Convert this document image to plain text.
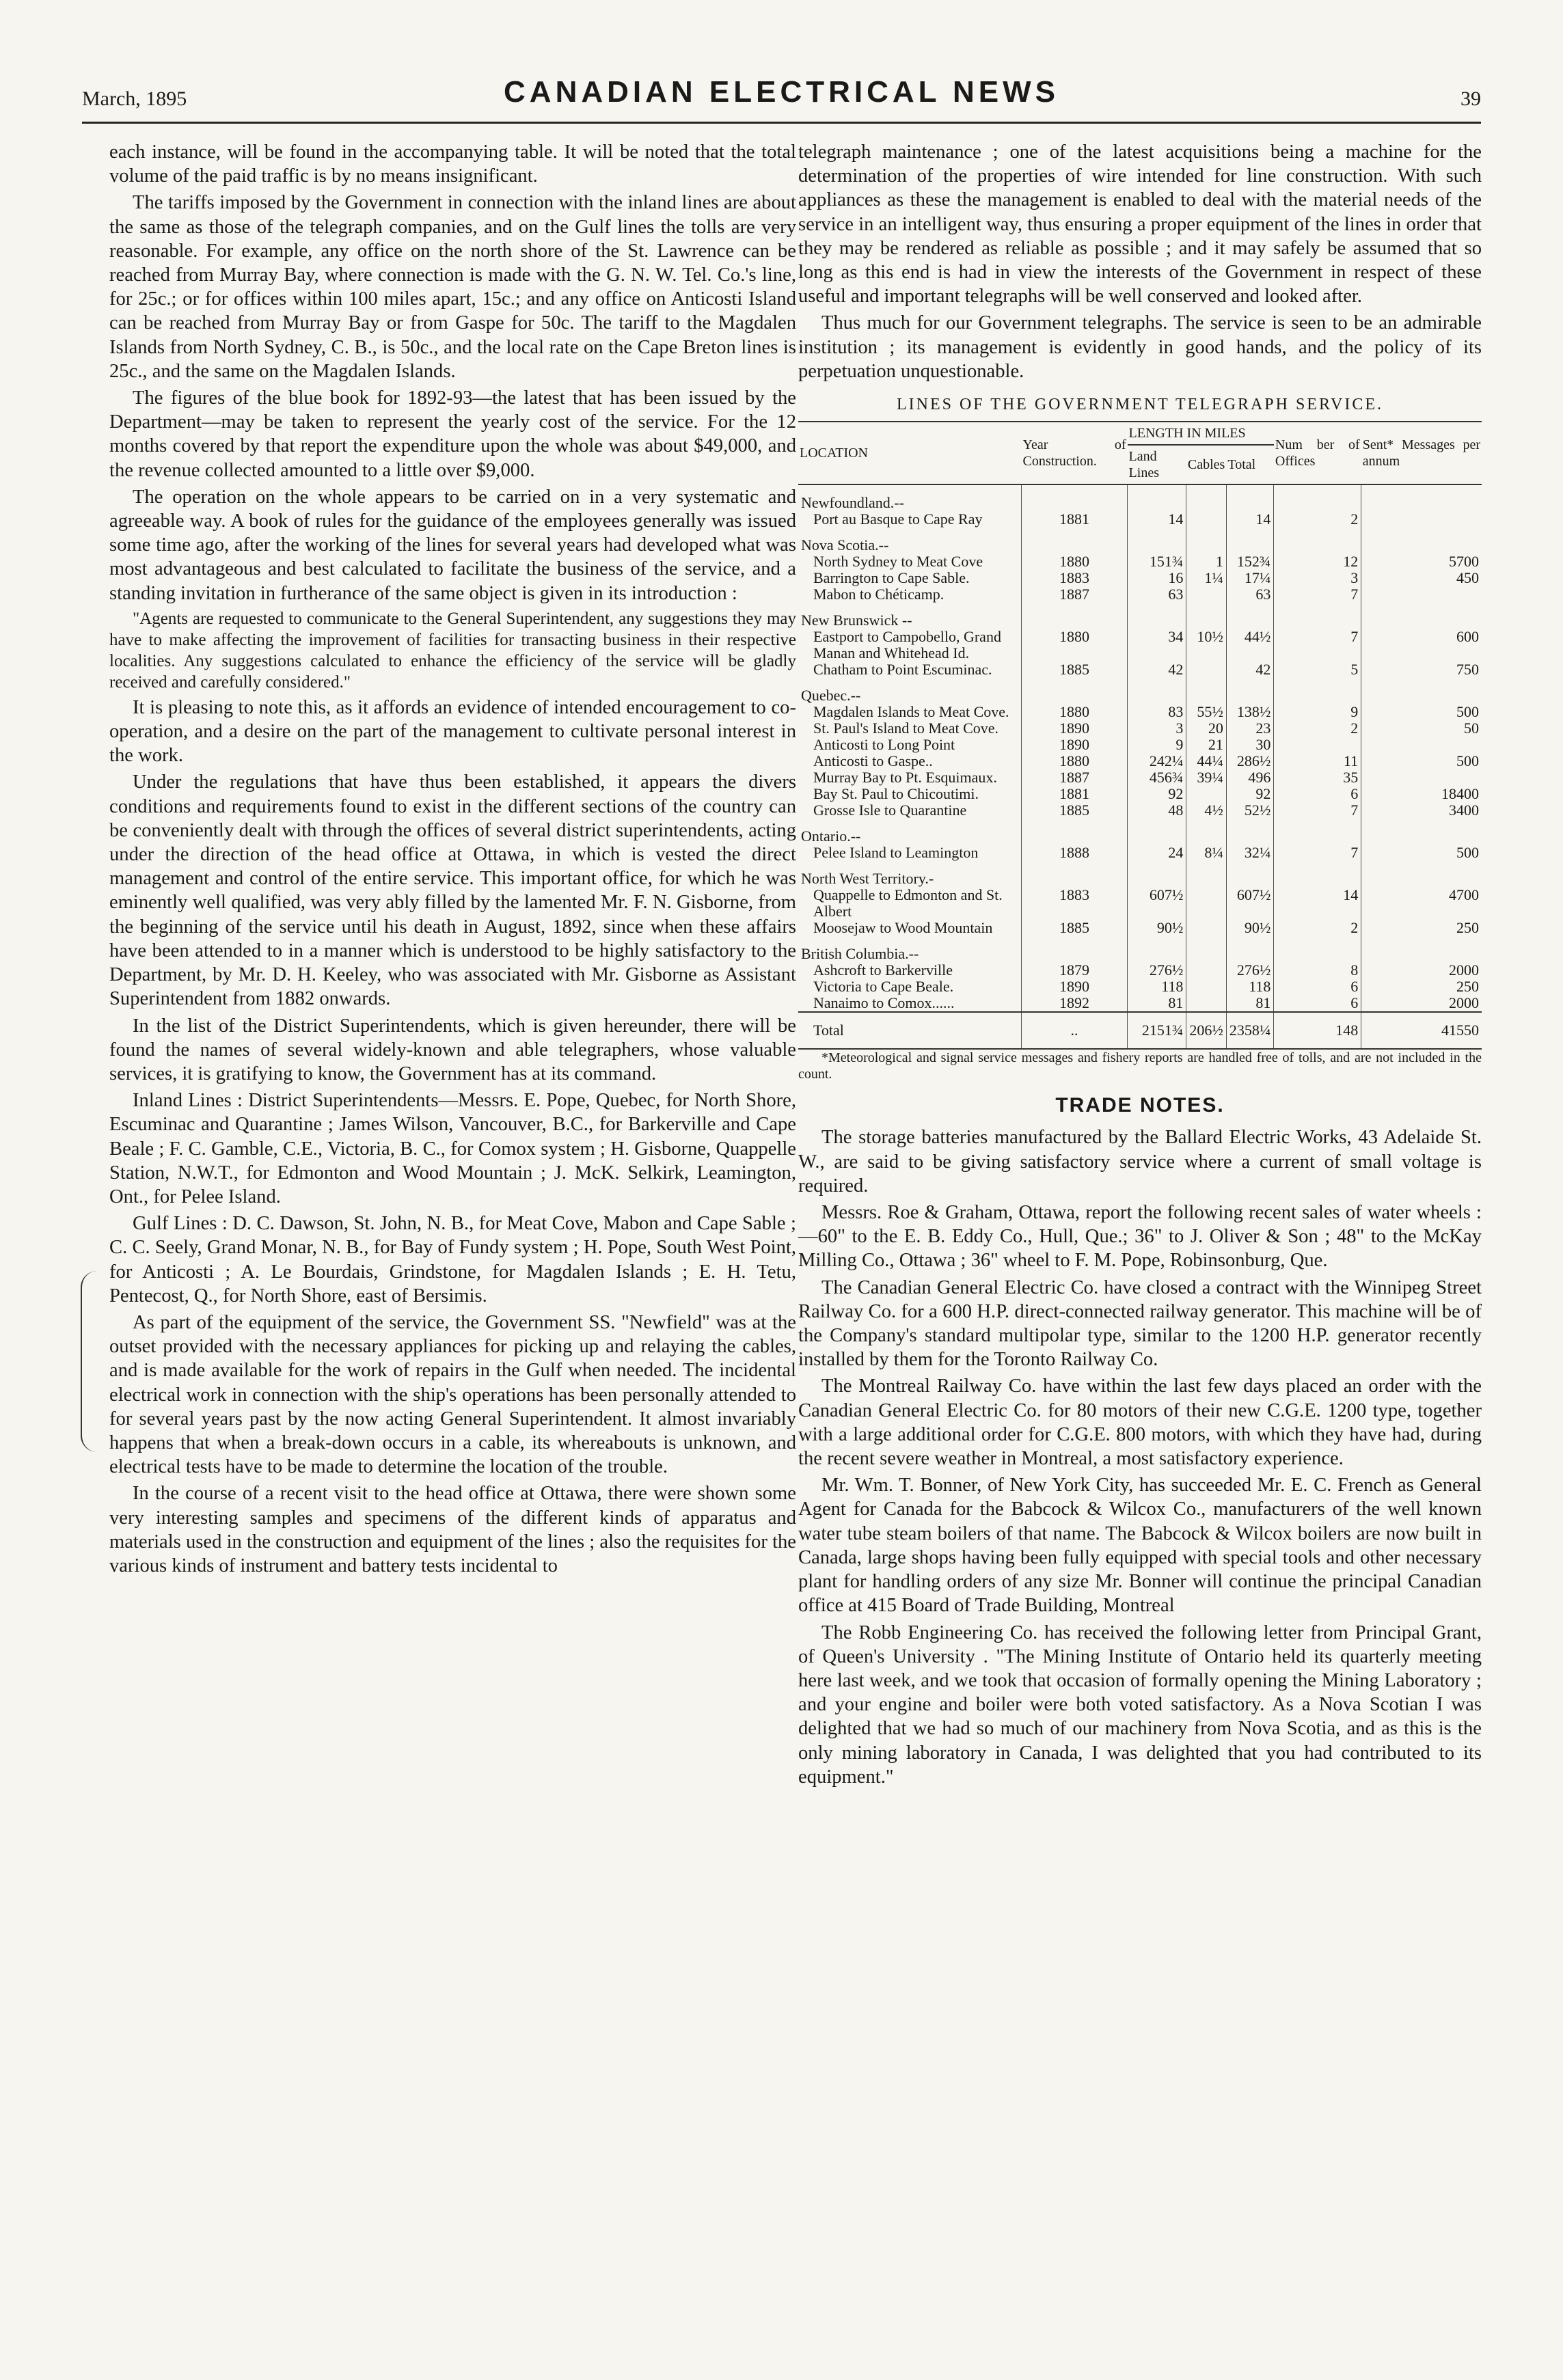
March, 1895	CANADIAN ELECTRICAL NEWS	39

each instance, will be found in the accompanying table. It will be noted that the total volume of the paid traffic is by no means insignificant.

The tariffs imposed by the Government in connection with the inland lines are about the same as those of the telegraph companies, and on the Gulf lines the tolls are very reasonable. For example, any office on the north shore of the St. Lawrence can be reached from Murray Bay, where connection is made with the G. N. W. Tel. Co.'s line, for 25c.; or for offices within 100 miles apart, 15c.; and any office on Anticosti Island can be reached from Murray Bay or from Gaspe for 50c. The tariff to the Magdalen Islands from North Sydney, C. B., is 50c., and the local rate on the Cape Breton lines is 25c., and the same on the Magdalen Islands.

The figures of the blue book for 1892-93—the latest that has been issued by the Department—may be taken to represent the yearly cost of the service. For the 12 months covered by that report the expenditure upon the whole was about $49,000, and the revenue collected amounted to a little over $9,000.

The operation on the whole appears to be carried on in a very systematic and agreeable way. A book of rules for the guidance of the employees generally was issued some time ago, after the working of the lines for several years had developed what was most advantageous and best calculated to facilitate the business of the service, and a standing invitation in furtherance of the same object is given in its introduction :

"Agents are requested to communicate to the General Superintendent, any suggestions they may have to make affecting the improvement of facilities for transacting business in their respective localities. Any suggestions calculated to enhance the efficiency of the service will be gladly received and carefully considered."

It is pleasing to note this, as it affords an evidence of intended encouragement to co-operation, and a desire on the part of the management to cultivate personal interest in the work.

Under the regulations that have thus been established, it appears the divers conditions and requirements found to exist in the different sections of the country can be conveniently dealt with through the offices of several district superintendents, acting under the direction of the head office at Ottawa, in which is vested the direct management and control of the entire service. This important office, for which he was eminently well qualified, was very ably filled by the lamented Mr. F. N. Gisborne, from the beginning of the service until his death in August, 1892, since when these affairs have been attended to in a manner which is understood to be highly satisfactory to the Department, by Mr. D. H. Keeley, who was associated with Mr. Gisborne as Assistant Superintendent from 1882 onwards.

In the list of the District Superintendents, which is given hereunder, there will be found the names of several widely-known and able telegraphers, whose valuable services, it is gratifying to know, the Government has at its command.

Inland Lines : District Superintendents—Messrs. E. Pope, Quebec, for North Shore, Escuminac and Quarantine ; James Wilson, Vancouver, B.C., for Barkerville and Cape Beale ; F. C. Gamble, C.E., Victoria, B. C., for Comox system ; H. Gisborne, Quappelle Station, N.W.T., for Edmonton and Wood Mountain ; J. McK. Selkirk, Leamington, Ont., for Pelee Island.

Gulf Lines : D. C. Dawson, St. John, N. B., for Meat Cove, Mabon and Cape Sable ; C. C. Seely, Grand Monar, N. B., for Bay of Fundy system ; H. Pope, South West Point, for Anticosti ; A. Le Bourdais, Grindstone, for Magdalen Islands ; E. H. Tetu, Pentecost, Q., for North Shore, east of Bersimis.

As part of the equipment of the service, the Government SS. "Newfield" was at the outset provided with the necessary appliances for picking up and relaying the cables, and is made available for the work of repairs in the Gulf when needed. The incidental electrical work in connection with the ship's operations has been personally attended to for several years past by the now acting General Superintendent. It almost invariably happens that when a break-down occurs in a cable, its whereabouts is unknown, and electrical tests have to be made to determine the location of the trouble.

In the course of a recent visit to the head office at Ottawa, there were shown some very interesting samples and specimens of the different kinds of apparatus and materials used in the construction and equipment of the lines ; also the requisites for the various kinds of instrument and battery tests incidental to

telegraph maintenance ; one of the latest acquisitions being a machine for the determination of the properties of wire intended for line construction. With such appliances as these the management is enabled to deal with the material needs of the service in an intelligent way, thus ensuring a proper equipment of the lines in order that they may be rendered as reliable as possible ; and it may safely be assumed that so long as this end is had in view the interests of the Government in respect of these useful and important telegraphs will be well conserved and looked after.

Thus much for our Government telegraphs. The service is seen to be an admirable institution ; its management is evidently in good hands, and the policy of its perpetuation unquestionable.

LINES OF THE GOVERNMENT TELEGRAPH SERVICE.
LOCATION	Year of Construction.	LENGTH IN MILES			Num ber of Offices	Sent* Messages per annum
		Land Lines	Cables	Total		
Newfoundland.--						
Port au Basque to Cape Ray	1881	14		14	2	
Nova Scotia.--						
North Sydney to Meat Cove	1880	151¾	1	152¾	12	5700
Barrington to Cape Sable.	1883	16	1¼	17¼	3	450
Mabon to Chéticamp.	1887	63		63	7	
New Brunswick --						
Eastport to Campobello, Grand Manan and Whitehead Id.	1880	34	10½	44½	7	600
Chatham to Point Escuminac.	1885	42		42	5	750
Quebec.--						
Magdalen Islands to Meat Cove.	1880	83	55½	138½	9	500
St. Paul's Island to Meat Cove.	1890	3	20	23	2	50
Anticosti to Long Point	1890	9	21	30		
Anticosti to Gaspe..	1880	242¼	44¼	286½	11	500
Murray Bay to Pt. Esquimaux.	1887	456¾	39¼	496	35	
Bay St. Paul to Chicoutimi.	1881	92		92	6	18400
Grosse Isle to Quarantine	1885	48	4½	52½	7	3400
Ontario.--						
Pelee Island to Leamington	1888	24	8¼	32¼	7	500
North West Territory.-						
Quappelle to Edmonton and St. Albert	1883	607½		607½	14	4700
Moosejaw to Wood Mountain	1885	90½		90½	2	250
British Columbia.--						
Ashcroft to Barkerville	1879	276½		276½	8	2000
Victoria to Cape Beale.	1890	118		118	6	250
Nanaimo to Comox......	1892	81		81	6	2000
Total	..	2151¾	206½	2358¼	148	41550

*Meteorological and signal service messages and fishery reports are handled free of tolls, and are not included in the count.

TRADE NOTES.

The storage batteries manufactured by the Ballard Electric Works, 43 Adelaide St. W., are said to be giving satisfactory service where a current of small voltage is required.

Messrs. Roe & Graham, Ottawa, report the following recent sales of water wheels :—60" to the E. B. Eddy Co., Hull, Que.; 36" to J. Oliver & Son ; 48" to the McKay Milling Co., Ottawa ; 36" wheel to F. M. Pope, Robinsonburg, Que.

The Canadian General Electric Co. have closed a contract with the Winnipeg Street Railway Co. for a 600 H.P. direct-connected railway generator. This machine will be of the Company's standard multipolar type, similar to the 1200 H.P. generator recently installed by them for the Toronto Railway Co.

The Montreal Railway Co. have within the last few days placed an order with the Canadian General Electric Co. for 80 motors of their new C.G.E. 1200 type, together with a large additional order for C.G.E. 800 motors, with which they have had, during the recent severe weather in Montreal, a most satisfactory experience.

Mr. Wm. T. Bonner, of New York City, has succeeded Mr. E. C. French as General Agent for Canada for the Babcock & Wilcox Co., manufacturers of the well known water tube steam boilers of that name. The Babcock & Wilcox boilers are now built in Canada, large shops having been fully equipped with special tools and other necessary plant for handling orders of any size Mr. Bonner will continue the principal Canadian office at 415 Board of Trade Building, Montreal

The Robb Engineering Co. has received the following letter from Principal Grant, of Queen's University . "The Mining Institute of Ontario held its quarterly meeting here last week, and we took that occasion of formally opening the Mining Laboratory ; and your engine and boiler were both voted satisfactory. As a Nova Scotian I was delighted that we had so much of our machinery from Nova Scotia, and as this is the only mining laboratory in Canada, I was delighted that you had contributed to its equipment."
